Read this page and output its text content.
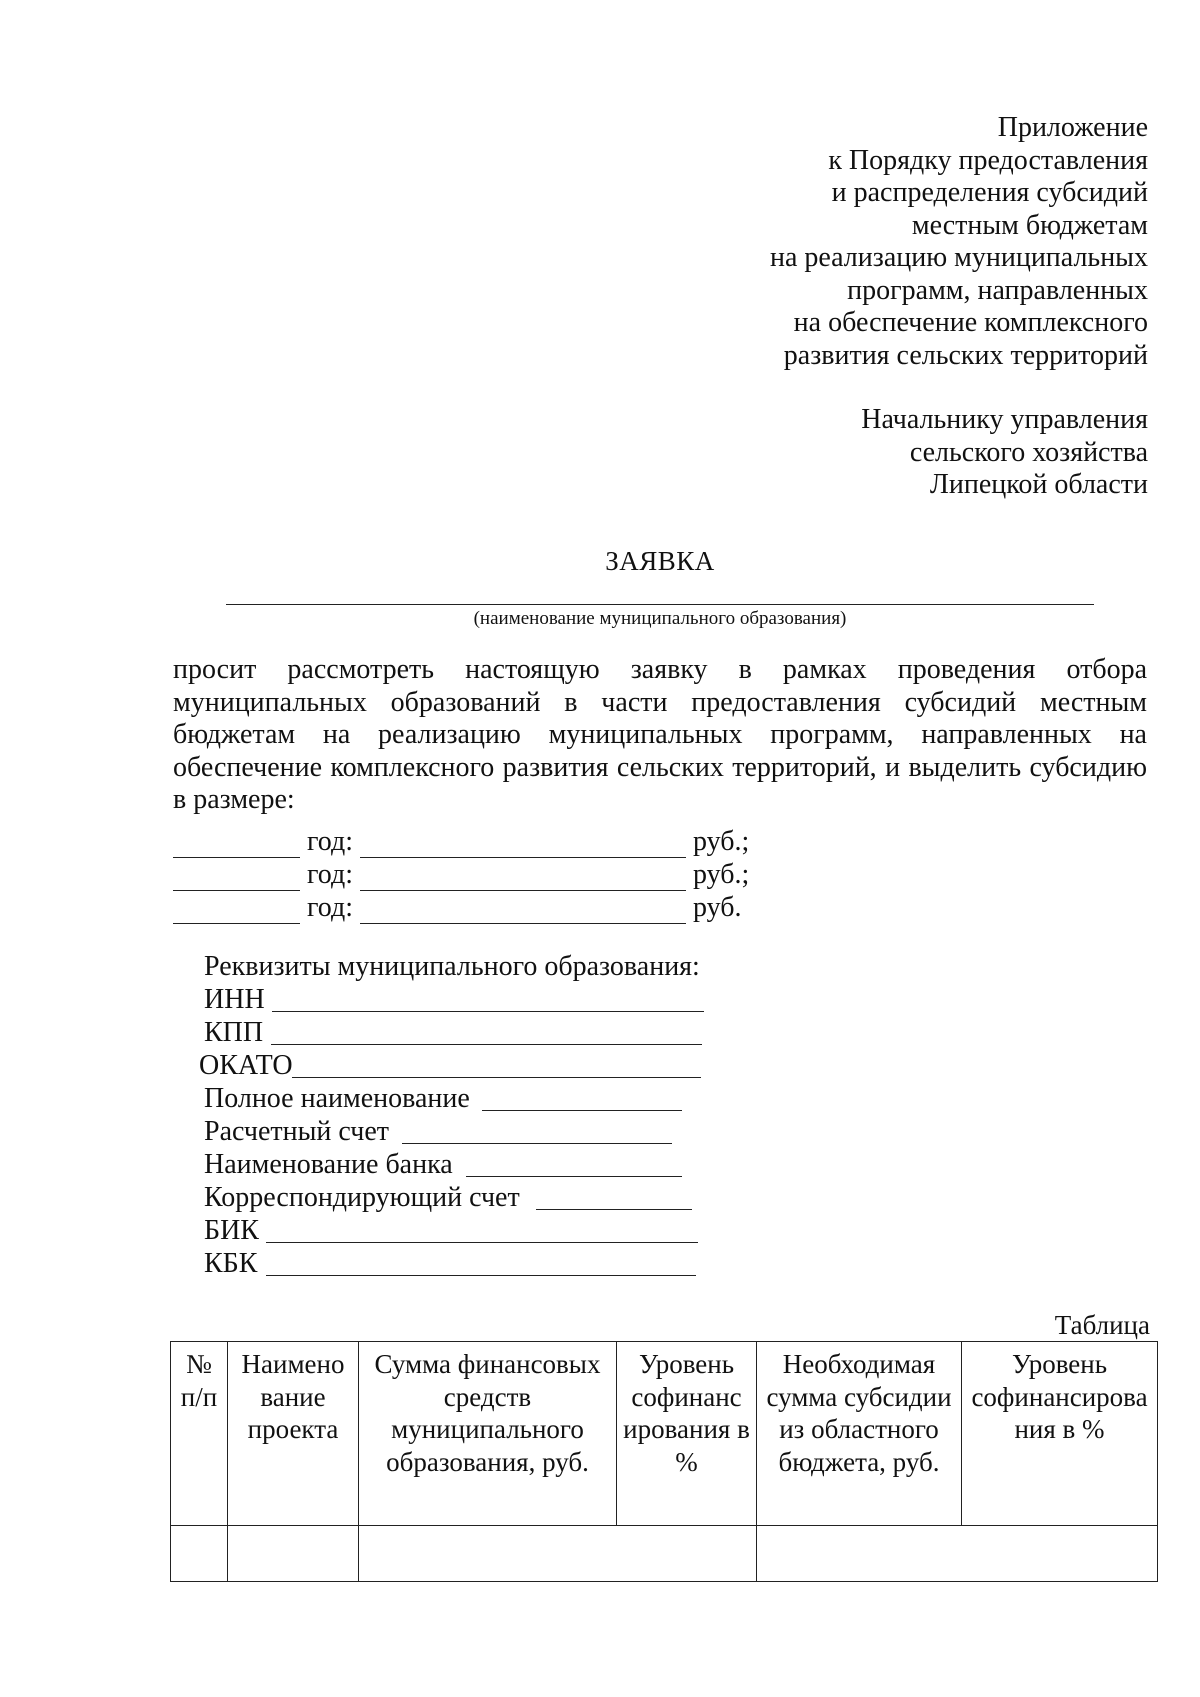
Приложение
к Порядку предоставления
и распределения субсидий
местным бюджетам
на реализацию муниципальных
программ, направленных
на обеспечение комплексного
развития сельских территорий
Начальнику управления
сельского хозяйства
Липецкой области
ЗАЯВКА
(наименование муниципального образования)
просит рассмотреть настоящую заявку в рамках проведения отбора муниципальных образований в части предоставления субсидий местным бюджетам на реализацию муниципальных программ, направленных на обеспечение комплексного развития сельских территорий, и выделить субсидию в размере:
год:	руб.;
год:	руб.;
год:	руб.
Реквизиты муниципального образования:
ИНН
КПП
ОКАТО
Полное наименование
Расчетный счет
Наименование банка
Корреспондирующий счет
БИК
КБК
Таблица
№ п/п	Наимено вание проекта	Сумма финансовых средств муниципального образования, руб.	Уровень софинанс ирования в %	Необходимая сумма субсидии из областного бюджета, руб.	Уровень софинансирова ния в %
